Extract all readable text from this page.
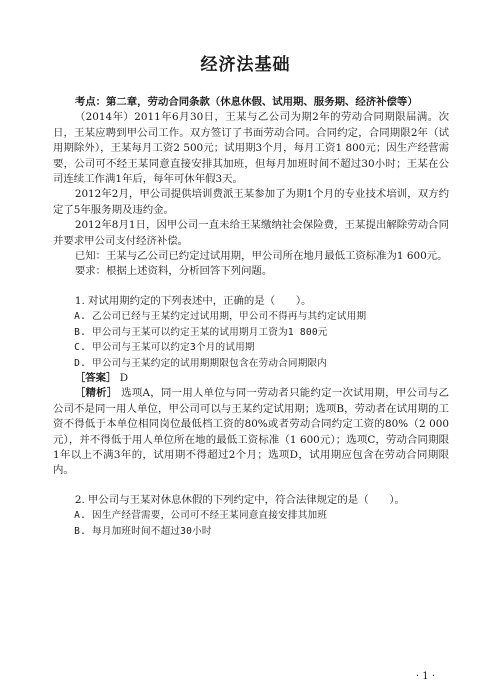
经济法基础

考点：第二章，劳动合同条款（休息休假、试用期、服务期、经济补偿等）

（2014年）2011年6月30日，王某与乙公司为期2年的劳动合同期限届满。次日，王某应聘到甲公司工作。双方签订了书面劳动合同。合同约定，合同期限2年（试用期除外），王某每月工资2 500元；试用期3个月，每月工资1 800元；因生产经营需要，公司可不经王某同意直接安排其加班，但每月加班时间不超过30小时；王某在公司连续工作满1年后，每年可休年假3天。

2012年2月，甲公司提供培训费派王某参加了为期1个月的专业技术培训，双方约定了5年服务期及违约金。

2012年8月1日，因甲公司一直未给王某缴纳社会保险费，王某提出解除劳动合同并要求甲公司支付经济补偿。

已知：王某与乙公司已约定过试用期，甲公司所在地月最低工资标准为1 600元。

要求：根据上述资料，分析回答下列问题。

1. 对试用期约定的下列表述中，正确的是（　　）。

A. 乙公司已经与王某约定过试用期，甲公司不得再与其约定试用期

B. 甲公司与王某可以约定王某的试用期月工资为1 800元

C. 甲公司与王某可以约定3个月的试用期

D. 甲公司与王某约定的试用期期限包含在劳动合同期限内

［答案］ D

［精析］ 选项A，同一用人单位与同一劳动者只能约定一次试用期，甲公司与乙公司不是同一用人单位，甲公司可以与王某约定试用期；选项B，劳动者在试用期的工资不得低于本单位相同岗位最低档工资的80%或者劳动合同约定工资的80%（2 000元），并不得低于用人单位所在地的最低工资标准（1 600元）；选项C，劳动合同期限1年以上不满3年的，试用期不得超过2个月；选项D，试用期应包含在劳动合同期限内。

2. 甲公司与王某对休息休假的下列约定中，符合法律规定的是（　　）。

A. 因生产经营需要，公司可不经王某同意直接安排其加班

B. 每月加班时间不超过30小时

· 1 ·
